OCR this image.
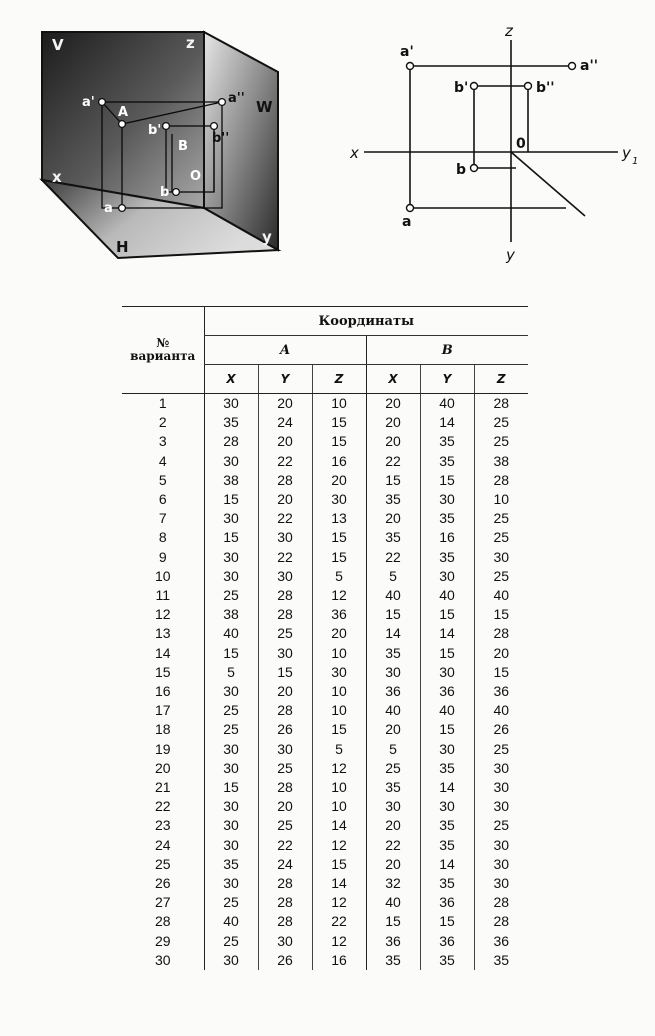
V	z
W
x
H
y
a'
A
a''
b'
B
b''
a
b
O
z
x	y 1
y
0
a'
a''
b'	b''
b
a
№
варианта	Координаты					
	A			B		
	X	Y	Z	X	Y	Z
1	30	20	10	20	40	28
2	35	24	15	20	14	25
3	28	20	15	20	35	25
4	30	22	16	22	35	38
5	38	28	20	15	15	28
6	15	20	30	35	30	10
7	30	22	13	20	35	25
8	15	30	15	35	16	25
9	30	22	15	22	35	30
10	30	30	5	5	30	25
11	25	28	12	40	40	40
12	38	28	36	15	15	15
13	40	25	20	14	14	28
14	15	30	10	35	15	20
15	5	15	30	30	30	15
16	30	20	10	36	36	36
17	25	28	10	40	40	40
18	25	26	15	20	15	26
19	30	30	5	5	30	25
20	30	25	12	25	35	30
21	15	28	10	35	14	30
22	30	20	10	30	30	30
23	30	25	14	20	35	25
24	30	22	12	22	35	30
25	35	24	15	20	14	30
26	30	28	14	32	35	30
27	25	28	12	40	36	28
28	40	28	22	15	15	28
29	25	30	12	36	36	36
30	30	26	16	35	35	35
